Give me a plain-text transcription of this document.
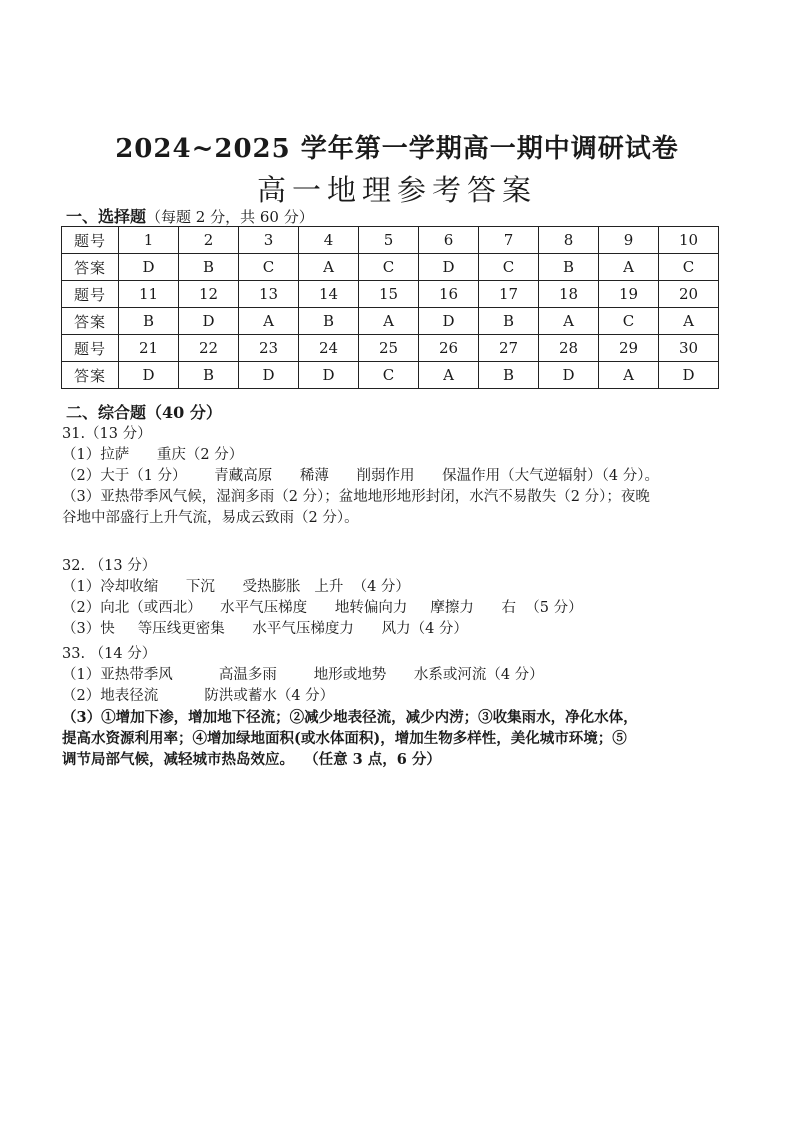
2024~2025 学年第一学期高一期中调研试卷
高一地理参考答案
一、选择题（每题 2 分，共 60 分）
题号	1	2	3	4	5	6	7	8	9	10
答案	D	B	C	A	C	D	C	B	A	C
题号	11	12	13	14	15	16	17	18	19	20
答案	B	D	A	B	A	D	B	A	C	A
题号	21	22	23	24	25	26	27	28	29	30
答案	D	B	D	D	C	A	B	D	A	D
二、综合题（40 分）
31.（13 分）
（1）拉萨      重庆（2 分）
（2）大于（1 分）      青藏高原      稀薄      削弱作用      保温作用（大气逆辐射）（4 分）。
（3）亚热带季风气候，湿润多雨（2 分）；盆地地形地形封闭，水汽不易散失（2 分）；夜晚
谷地中部盛行上升气流，易成云致雨（2 分）。
32. （13 分）
（1）冷却收缩      下沉      受热膨胀   上升  （4 分）
（2）向北（或西北）    水平气压梯度      地转偏向力     摩擦力      右  （5 分）
（3）快     等压线更密集      水平气压梯度力      风力（4 分）
33. （14 分）
（1）亚热带季风          高温多雨        地形或地势      水系或河流（4 分）
（2）地表径流          防洪或蓄水（4 分）
（3）①增加下渗，增加地下径流；②减少地表径流，减少内涝；③收集雨水，净化水体，
提高水资源利用率；④增加绿地面积(或水体面积)，增加生物多样性，美化城市环境；⑤
调节局部气候，减轻城市热岛效应。  （任意 3 点，6 分）
